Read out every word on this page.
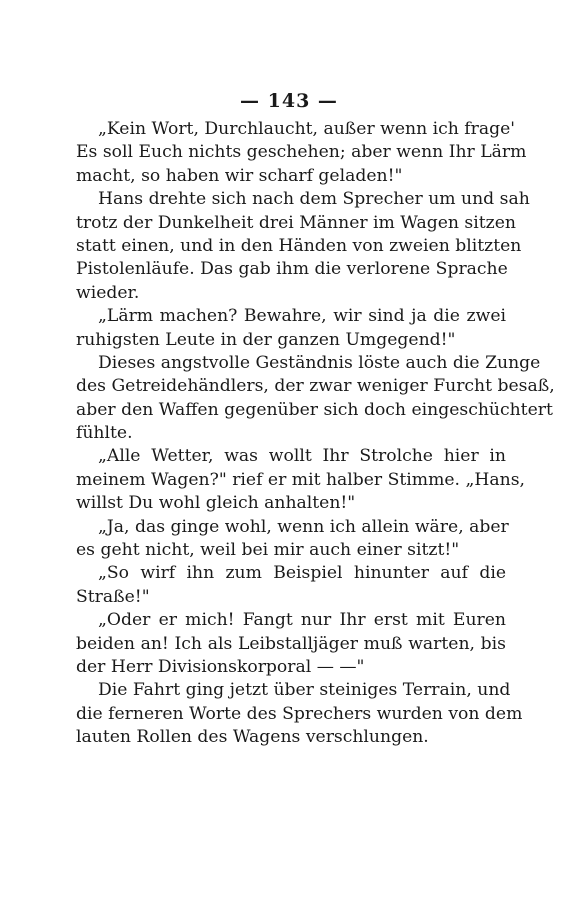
— 143 —
„Kein Wort, Durchlaucht, außer wenn ich frage'
Es soll Euch nichts geschehen; aber wenn Ihr Lärm
macht, so haben wir scharf geladen!"
Hans drehte sich nach dem Sprecher um und sah
trotz der Dunkelheit drei Männer im Wagen sitzen
statt einen, und in den Händen von zweien blitzten
Pistolenläufe. Das gab ihm die verlorene Sprache
wieder.
„Lärm machen? Bewahre, wir sind ja die zwei
ruhigsten Leute in der ganzen Umgegend!"
Dieses angstvolle Geständnis löste auch die Zunge
des Getreidehändlers, der zwar weniger Furcht besaß,
aber den Waffen gegenüber sich doch eingeschüchtert
fühlte.
„Alle Wetter, was wollt Ihr Strolche hier in
meinem Wagen?" rief er mit halber Stimme. „Hans,
willst Du wohl gleich anhalten!"
„Ja, das ginge wohl, wenn ich allein wäre, aber
es geht nicht, weil bei mir auch einer sitzt!"
„So wirf ihn zum Beispiel hinunter auf die
Straße!"
„Oder er mich! Fangt nur Ihr erst mit Euren
beiden an! Ich als Leibstalljäger muß warten, bis
der Herr Divisionskorporal — —"
Die Fahrt ging jetzt über steiniges Terrain, und
die ferneren Worte des Sprechers wurden von dem
lauten Rollen des Wagens verschlungen.
